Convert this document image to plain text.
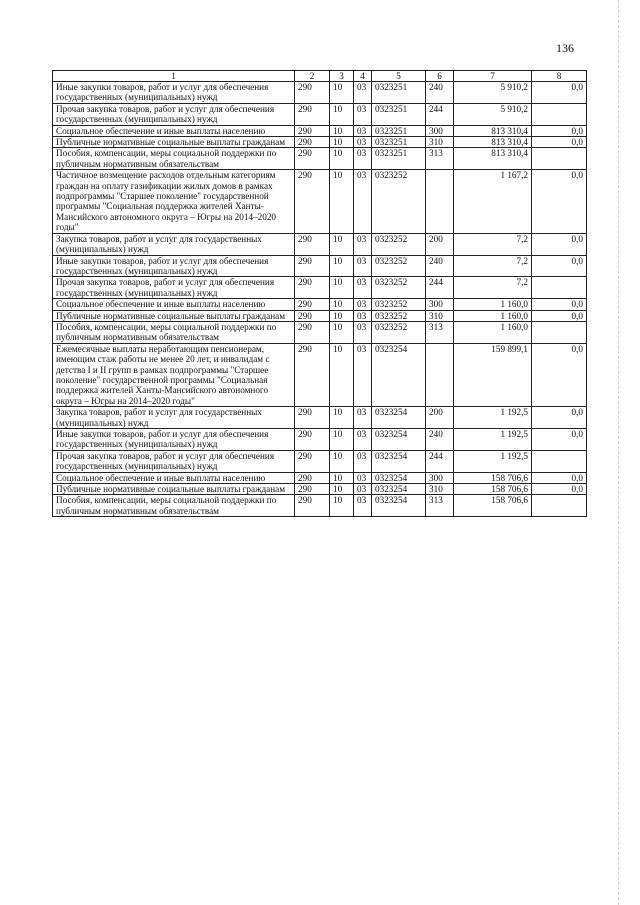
136
1	2	3	4	5	6	7	8
Иные закупки товаров, работ и услуг для обеспечения государственных (муниципальных) нужд	290	10	03	0323251	240	5 910,2	0,0
Прочая закупка товаров, работ и услуг для обеспечения государственных (муниципальных) нужд	290	10	03	0323251	244	5 910,2	
Социальное обеспечение и иные выплаты населению	290	10	03	0323251	300	813 310,4	0,0
Публичные нормативные социальные выплаты гражданам	290	10	03	0323251	310	813 310,4	0,0
Пособия, компенсации, меры социальной поддержки по публичным нормативным обязательствам	290	10	03	0323251	313	813 310,4	
Частичное возмещение расходов отдельным категориям граждан на оплату газификации жилых домов в рамках подпрограммы "Старшее поколение" государственной программы "Социальная поддержка жителей Ханты-Мансийского автономного округа – Югры на 2014–2020 годы"	290	10	03	0323252		1 167,2	0,0
Закупка товаров, работ и услуг для государственных (муниципальных) нужд	290	10	03	0323252	200	7,2	0,0
Иные закупки товаров, работ и услуг для обеспечения государственных (муниципальных) нужд	290	10	03	0323252	240	7,2	0,0
Прочая закупка товаров, работ и услуг для обеспечения государственных (муниципальных) нужд	290	10	03	0323252	244	7,2	
Социальное обеспечение и иные выплаты населению	290	10	03	0323252	300	1 160,0	0,0
Публичные нормативные социальные выплаты гражданам	290	10	03	0323252	310	1 160,0	0,0
Пособия, компенсации, меры социальной поддержки по публичным нормативным обязательствам	290	10	03	0323252	313	1 160,0	
Ежемесячные выплаты неработающим пенсионерам, имеющим стаж работы не менее 20 лет, и инвалидам с детства I и II групп в рамках подпрограммы "Старшее поколение" государственной программы "Социальная поддержка жителей Ханты-Мансийского автономного округа – Югры на 2014–2020 годы"	290	10	03	0323254		159 899,1	0,0
Закупка товаров, работ и услуг для государственных (муниципальных) нужд	290	10	03	0323254	200	1 192,5	0,0
Иные закупки товаров, работ и услуг для обеспечения государственных (муниципальных) нужд	290	10	03	0323254	240	1 192,5	0,0
Прочая закупка товаров, работ и услуг для обеспечения государственных (муниципальных) нужд	290	10	03	0323254	244	1 192,5	
Социальное обеспечение и иные выплаты населению	290	10	03	0323254	300	158 706,6	0,0
Публичные нормативные социальные выплаты гражданам	290	10	03	0323254	310	158 706,6	0,0
Пособия, компенсации, меры социальной поддержки по публичным нормативным обязательствам	290	10	03	0323254	313	158 706,6	
